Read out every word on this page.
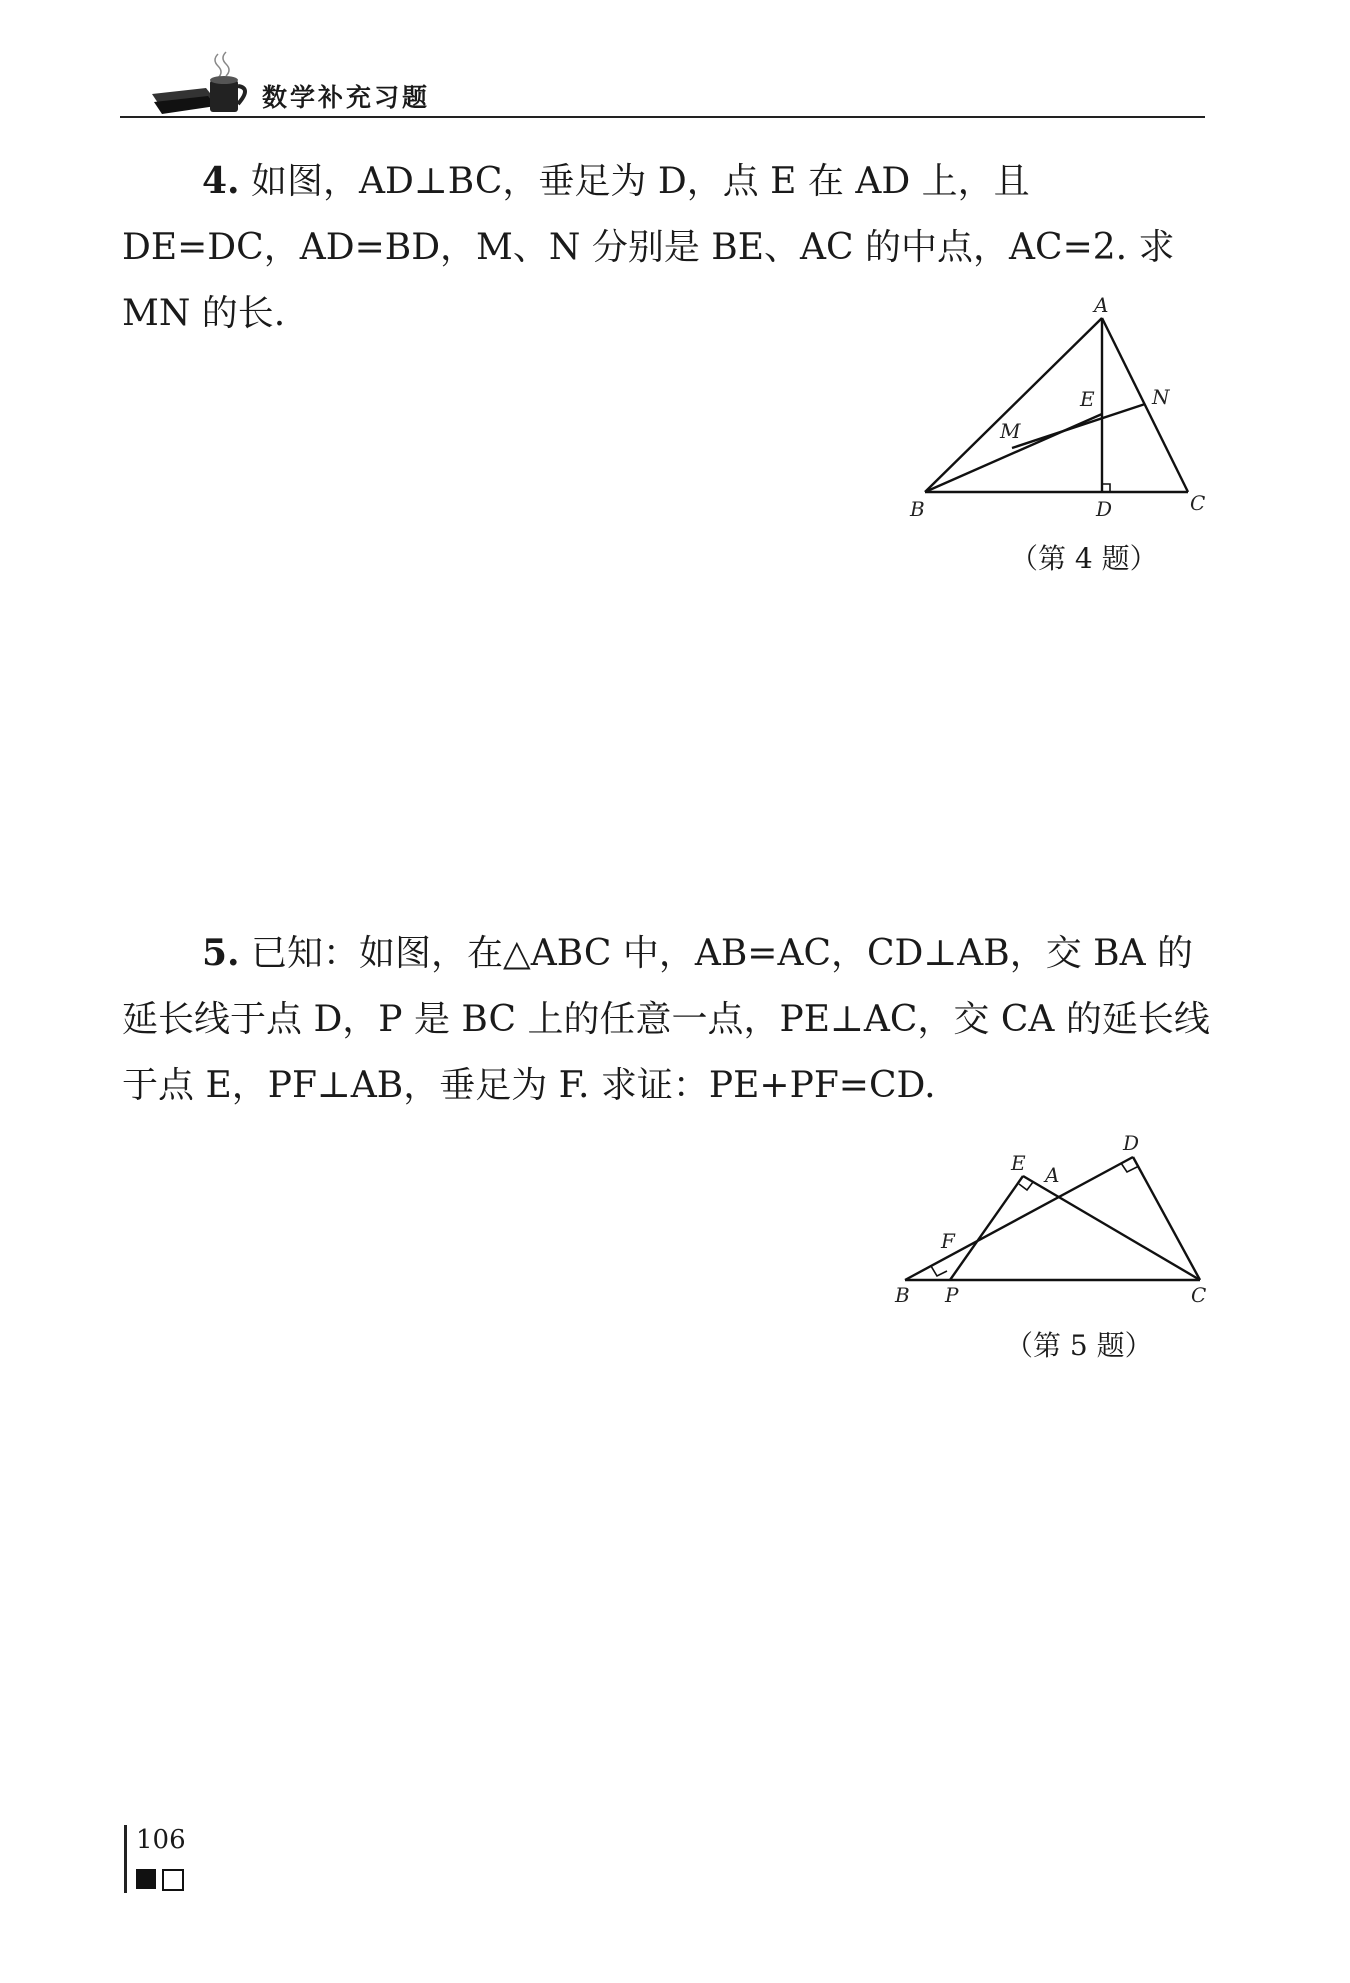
数学补充习题
4. 如图，AD⊥BC，垂足为 D，点 E 在 AD 上，且 DE=DC，AD=BD，M、N 分别是 BE、AC 的中点，AC=2. 求 MN 的长.	A
B	C
D
E
M
N
（第 4 题）
5. 已知：如图，在△ABC 中，AB=AC，CD⊥AB，交 BA 的延长线于点 D，P 是 BC 上的任意一点，PE⊥AC，交 CA 的延长线于点 E，PF⊥AB，垂足为 F. 求证：PE+PF=CD.
D
E A
F
B P	C
（第 5 题）
106
